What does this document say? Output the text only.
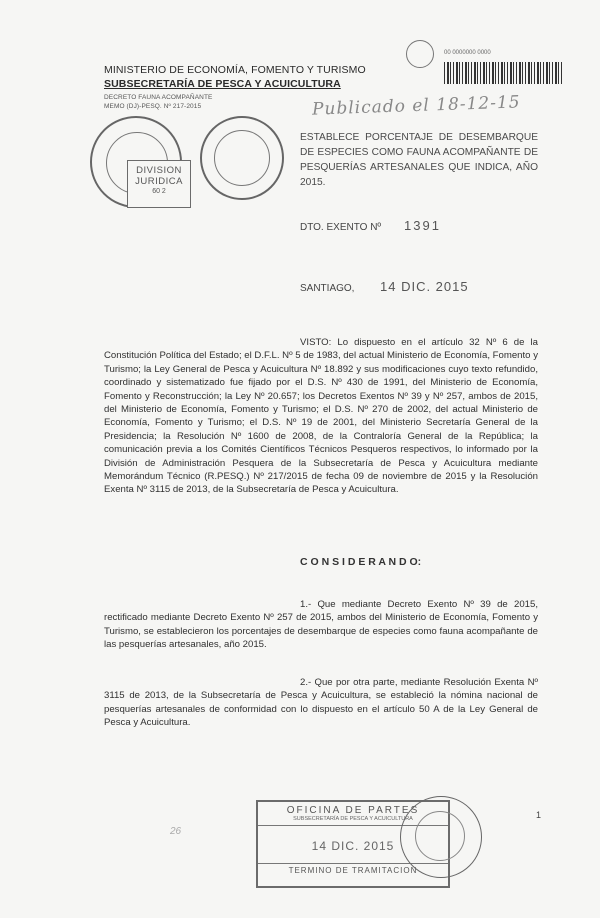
MINISTERIO DE ECONOMÍA, FOMENTO Y TURISMO
SUBSECRETARÍA DE PESCA Y ACUICULTURA
DECRETO FAUNA ACOMPAÑANTE
MEMO (DJ)-PESQ. Nº 217-2015
00 0000000 0000
Publicado el 18-12-15
DIVISION
JURIDICA
60 2
ESTABLECE PORCENTAJE DE DESEMBARQUE DE ESPECIES COMO FAUNA ACOMPAÑANTE DE PESQUERÍAS ARTESANALES QUE INDICA, AÑO 2015.
DTO. EXENTO Nº 1391
SANTIAGO, 14 DIC. 2015
VISTO: Lo dispuesto en el artículo 32 Nº 6 de la Constitución Política del Estado; el D.F.L. Nº 5 de 1983, del actual Ministerio de Economía, Fomento y Turismo; la Ley General de Pesca y Acuicultura Nº 18.892 y sus modificaciones cuyo texto refundido, coordinado y sistematizado fue fijado por el D.S. Nº 430 de 1991, del Ministerio de Economía, Fomento y Reconstrucción; la Ley Nº 20.657; los Decretos Exentos Nº 39 y Nº 257, ambos de 2015, del Ministerio de Economía, Fomento y Turismo; el D.S. Nº 270 de 2002, del actual Ministerio de Economía, Fomento y Turismo; el D.S. Nº 19 de 2001, del Ministerio Secretaría General de la Presidencia; la Resolución Nº 1600 de 2008, de la Contraloría General de la República; la comunicación previa a los Comités Científicos Técnicos Pesqueros respectivos, lo informado por la División de Administración Pesquera de la Subsecretaría de Pesca y Acuicultura mediante Memorándum Técnico (R.PESQ.) Nº 217/2015 de fecha 09 de noviembre de 2015 y la Resolución Exenta Nº 3115 de 2013, de la Subsecretaría de Pesca y Acuicultura.
C O N S I D E R A N D O:
1.- Que mediante Decreto Exento Nº 39 de 2015, rectificado mediante Decreto Exento Nº 257 de 2015, ambos del Ministerio de Economía, Fomento y Turismo, se establecieron los porcentajes de desembarque de especies como fauna acompañante de las pesquerías artesanales, año 2015.
2.- Que por otra parte, mediante Resolución Exenta Nº 3115 de 2013, de la Subsecretaría de Pesca y Acuicultura, se estableció la nómina nacional de pesquerías artesanales de conformidad con lo dispuesto en el artículo 50 A de la Ley General de Pesca y Acuicultura.
1
26
OFICINA DE PARTES
SUBSECRETARÍA DE PESCA Y ACUICULTURA
14 DIC. 2015
TERMINO DE TRAMITACION
